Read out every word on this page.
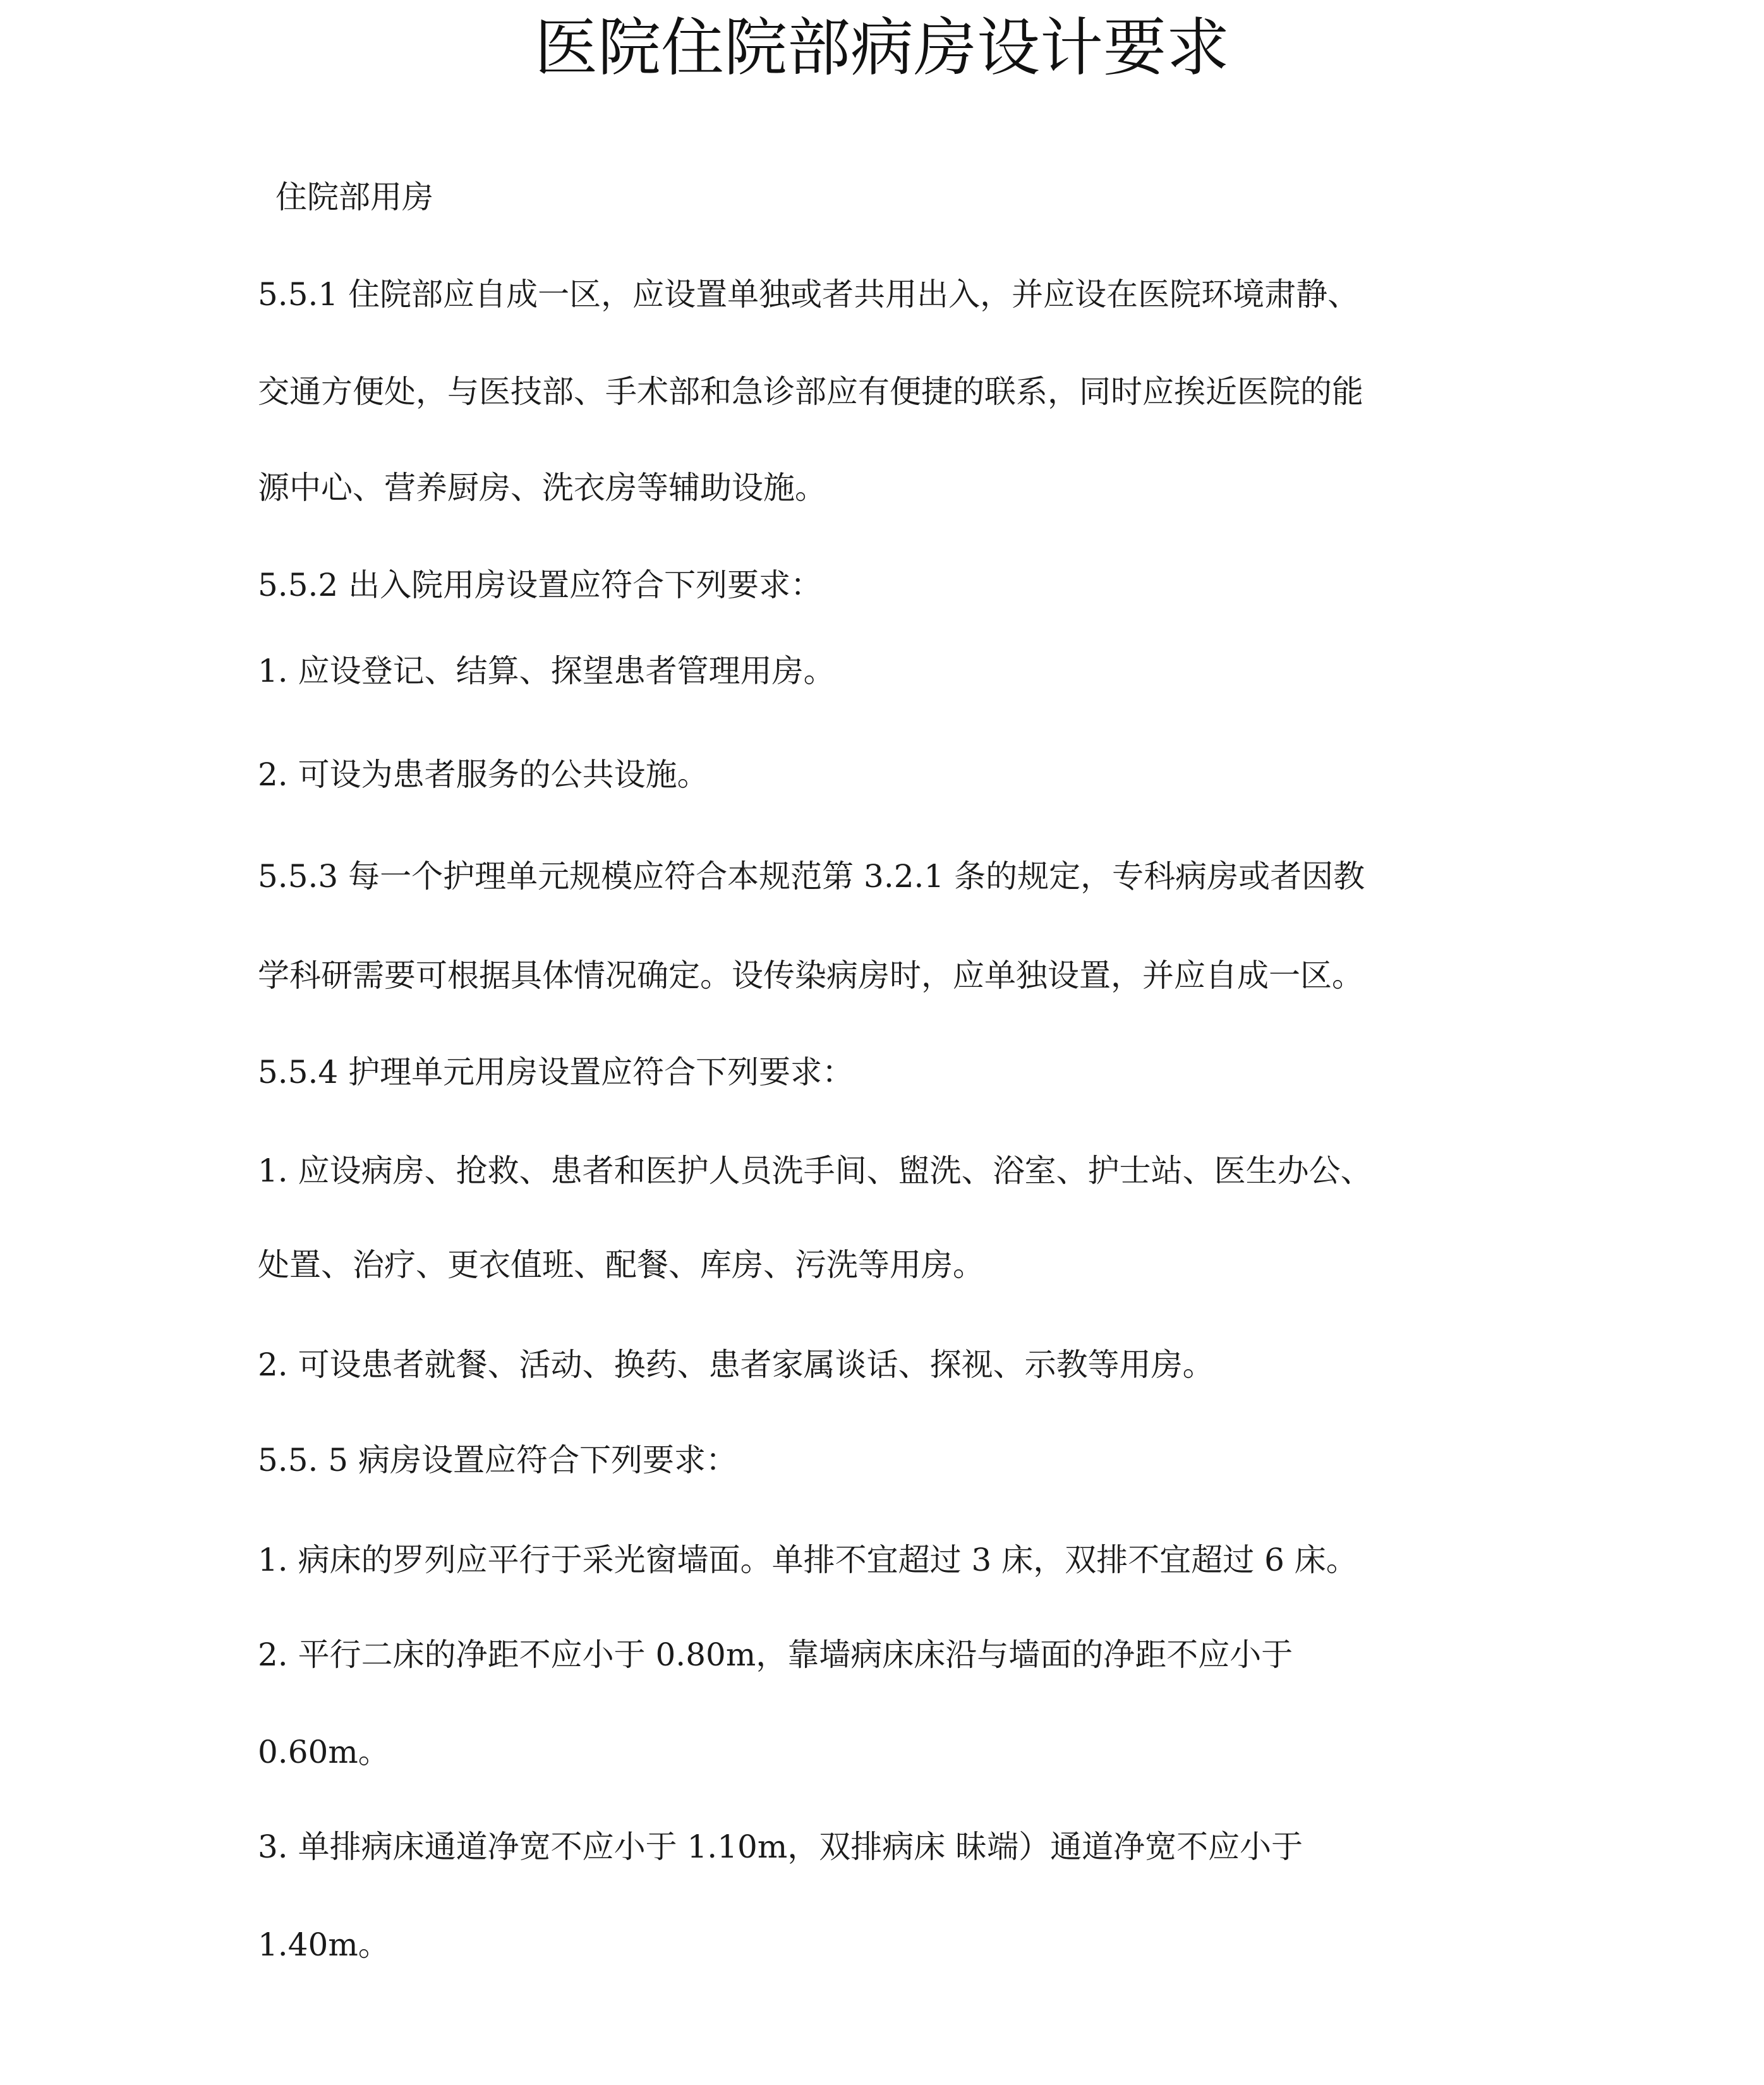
医院住院部病房设计要求
住院部用房
5.5.1 住院部应自成一区，应设置单独或者共用出入，并应设在医院环境肃静、
交通方便处，与医技部、手术部和急诊部应有便捷的联系，同时应挨近医院的能
源中心、营养厨房、洗衣房等辅助设施。
5.5.2 出入院用房设置应符合下列要求：
1. 应设登记、结算、探望患者管理用房。
2. 可设为患者服务的公共设施。
5.5.3 每一个护理单元规模应符合本规范第 3.2.1 条的规定，专科病房或者因教
学科研需要可根据具体情况确定。设传染病房时，应单独设置，并应自成一区。
5.5.4 护理单元用房设置应符合下列要求：
1. 应设病房、抢救、患者和医护人员洗手间、盥洗、浴室、护士站、医生办公、
处置、治疗、更衣值班、配餐、库房、污洗等用房。
2. 可设患者就餐、活动、换药、患者家属谈话、探视、示教等用房。
5.5. 5 病房设置应符合下列要求：
1. 病床的罗列应平行于采光窗墙面。单排不宜超过 3 床，双排不宜超过 6 床。
2. 平行二床的净距不应小于 0.80m，靠墙病床床沿与墙面的净距不应小于
0.60m。
3. 单排病床通道净宽不应小于 1.10m，双排病床 昧端）通道净宽不应小于
1.40m。
